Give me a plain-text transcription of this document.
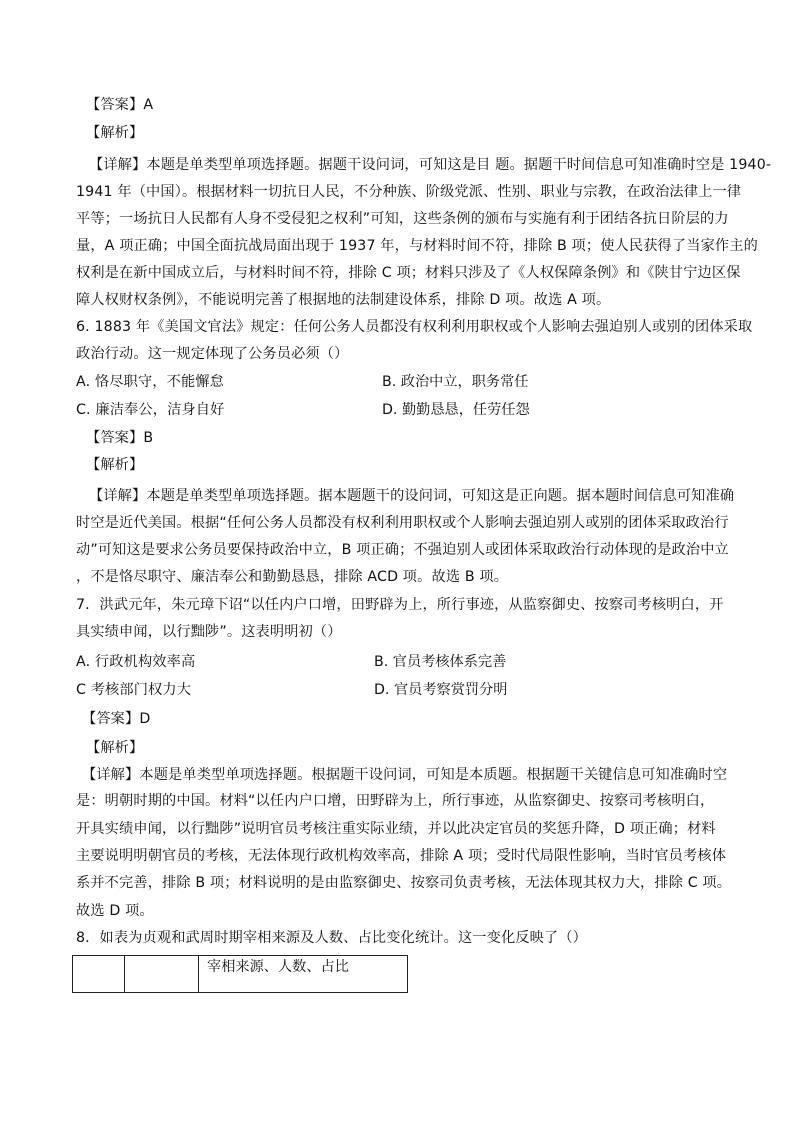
【答案】A
【解析】
【详解】本题是单类型单项选择题。据题干设问词，可知这是目 题。据题干时间信息可知准确时空是 1940-
1941 年（中国）。根据材料一切抗日人民，不分种族、阶级党派、性别、职业与宗教，在政治法律上一律
平等；一场抗日人民都有人身不受侵犯之权利”可知，这些条例的颁布与实施有利于团结各抗日阶层的力
量，A 项正确；中国全面抗战局面出现于 1937 年，与材料时间不符，排除 B 项；使人民获得了当家作主的
权利是在新中国成立后，与材料时间不符，排除 C 项；材料只涉及了《人权保障条例》和《陕甘宁边区保
障人权财权条例》，不能说明完善了根据地的法制建设体系，排除 D 项。故选 A 项。
6. 1883 年《美国文官法》规定：任何公务人员都没有权利利用职权或个人影响去强迫别人或别的团体采取
政治行动。这一规定体现了公务员必须（）
A. 恪尽职守，不能懈怠	B. 政治中立，职务常任
C. 廉洁奉公，洁身自好	D. 勤勤恳恳，任劳任怨
【答案】B
【解析】
【详解】本题是单类型单项选择题。据本题题干的设问词，可知这是正向题。据本题时间信息可知准确
时空是近代美国。根据“任何公务人员都没有权利利用职权或个人影响去强迫别人或别的团体采取政治行
动”可知这是要求公务员要保持政治中立，B 项正确；不强迫别人或团体采取政治行动体现的是政治中立
，不是恪尽职守、廉洁奉公和勤勤恳恳，排除 ACD 项。故选 B 项。
7．洪武元年，朱元璋下诏“以任内户口增，田野辟为上，所行事迹，从监察御史、按察司考核明白，开
具实绩申闻，以行黜陟”。这表明明初（）
A. 行政机构效率高	B. 官员考核体系完善
C 考核部门权力大	D. 官员考察赏罚分明
【答案】D
【解析】
【详解】本题是单类型单项选择题。根据题干设问词，可知是本质题。根据题干关键信息可知准确时空
是：明朝时期的中国。材料“以任内户口增，田野辟为上，所行事迹，从监察御史、按察司考核明白，
开具实绩申闻，以行黜陟”说明官员考核注重实际业绩，并以此决定官员的奖惩升降，D 项正确；材料
主要说明明朝官员的考核，无法体现行政机构效率高，排除 A 项；受时代局限性影响，当时官员考核体
系并不完善，排除 B 项；材料说明的是由监察御史、按察司负责考核，无法体现其权力大，排除 C 项。
故选 D 项。
8．如表为贞观和武周时期宰相来源及人数、占比变化统计。这一变化反映了（）
		宰相来源、人数、占比
